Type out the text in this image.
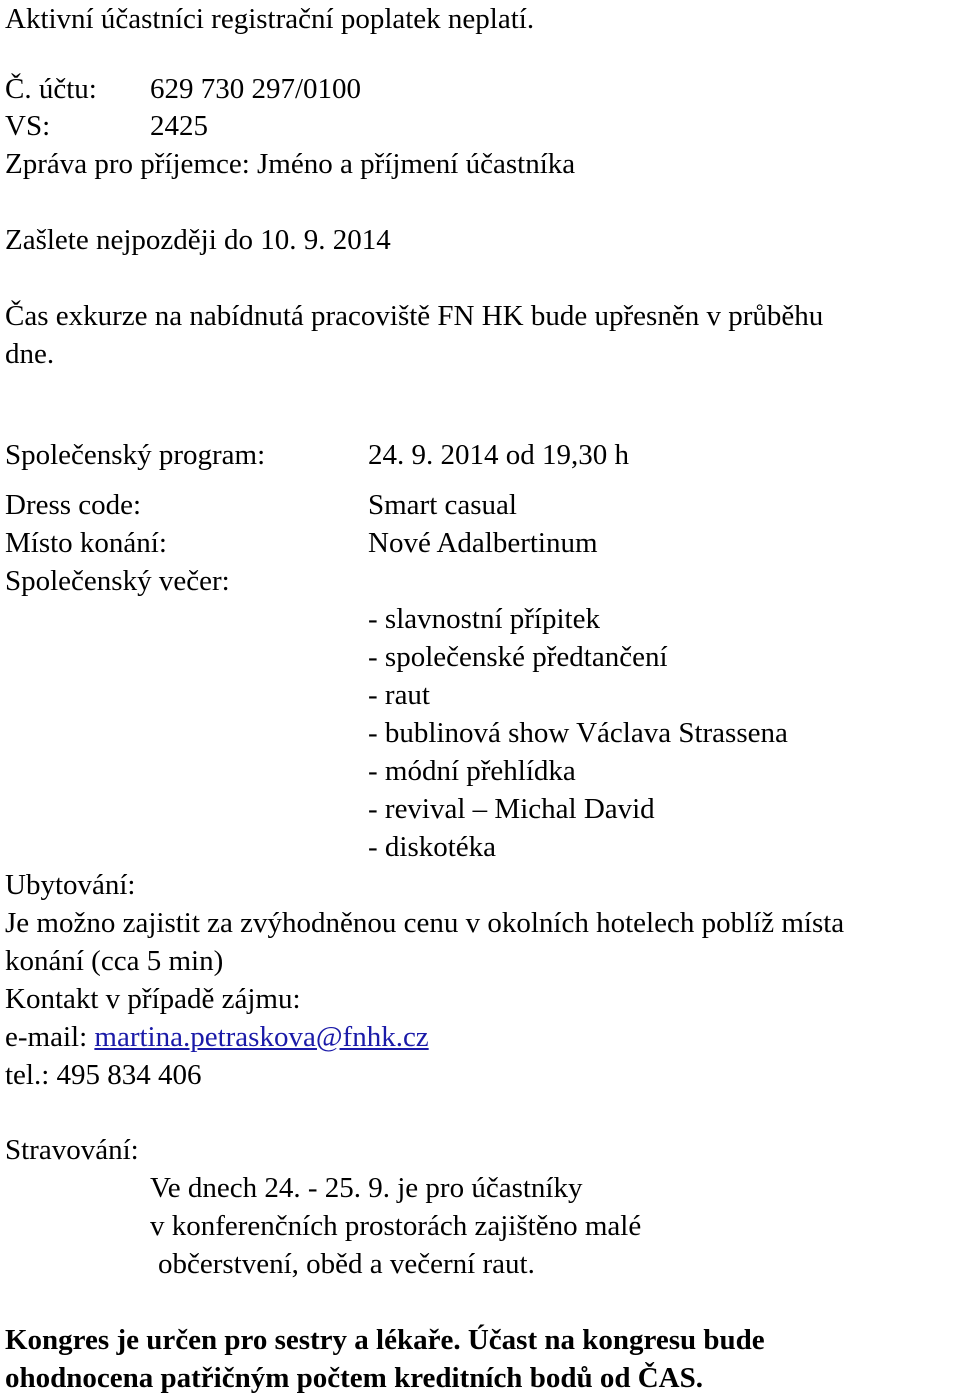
Aktivní účastníci registrační poplatek neplatí.
Č. účtu: 629 730 297/0100
VS:	2425
Zpráva pro příjemce: Jméno a příjmení účastníka
Zašlete nejpozději do 10. 9. 2014
Čas exkurze na nabídnutá pracoviště FN HK bude upřesněn v průběhu
dne.
Společenský program:	24. 9. 2014 od 19,30 h
Dress code:	Smart casual
Místo konání:	Nové Adalbertinum
Společenský večer:
- slavnostní přípitek
- společenské předtančení
- raut
- bublinová show Václava Strassena
- módní přehlídka
- revival – Michal David
- diskotéka
Ubytování:
Je možno zajistit za zvýhodněnou cenu v okolních hotelech poblíž místa
konání (cca 5 min)
Kontakt v případě zájmu:
e-mail: martina.petraskova@fnhk.cz
tel.: 495 834 406
Stravování:
Ve dnech 24. - 25. 9. je pro účastníky
v konferenčních prostorách zajištěno malé
občerstvení, oběd a večerní raut.
Kongres je určen pro sestry a lékaře. Účast na kongresu bude
ohodnocena patřičným počtem kreditních bodů od ČAS.
